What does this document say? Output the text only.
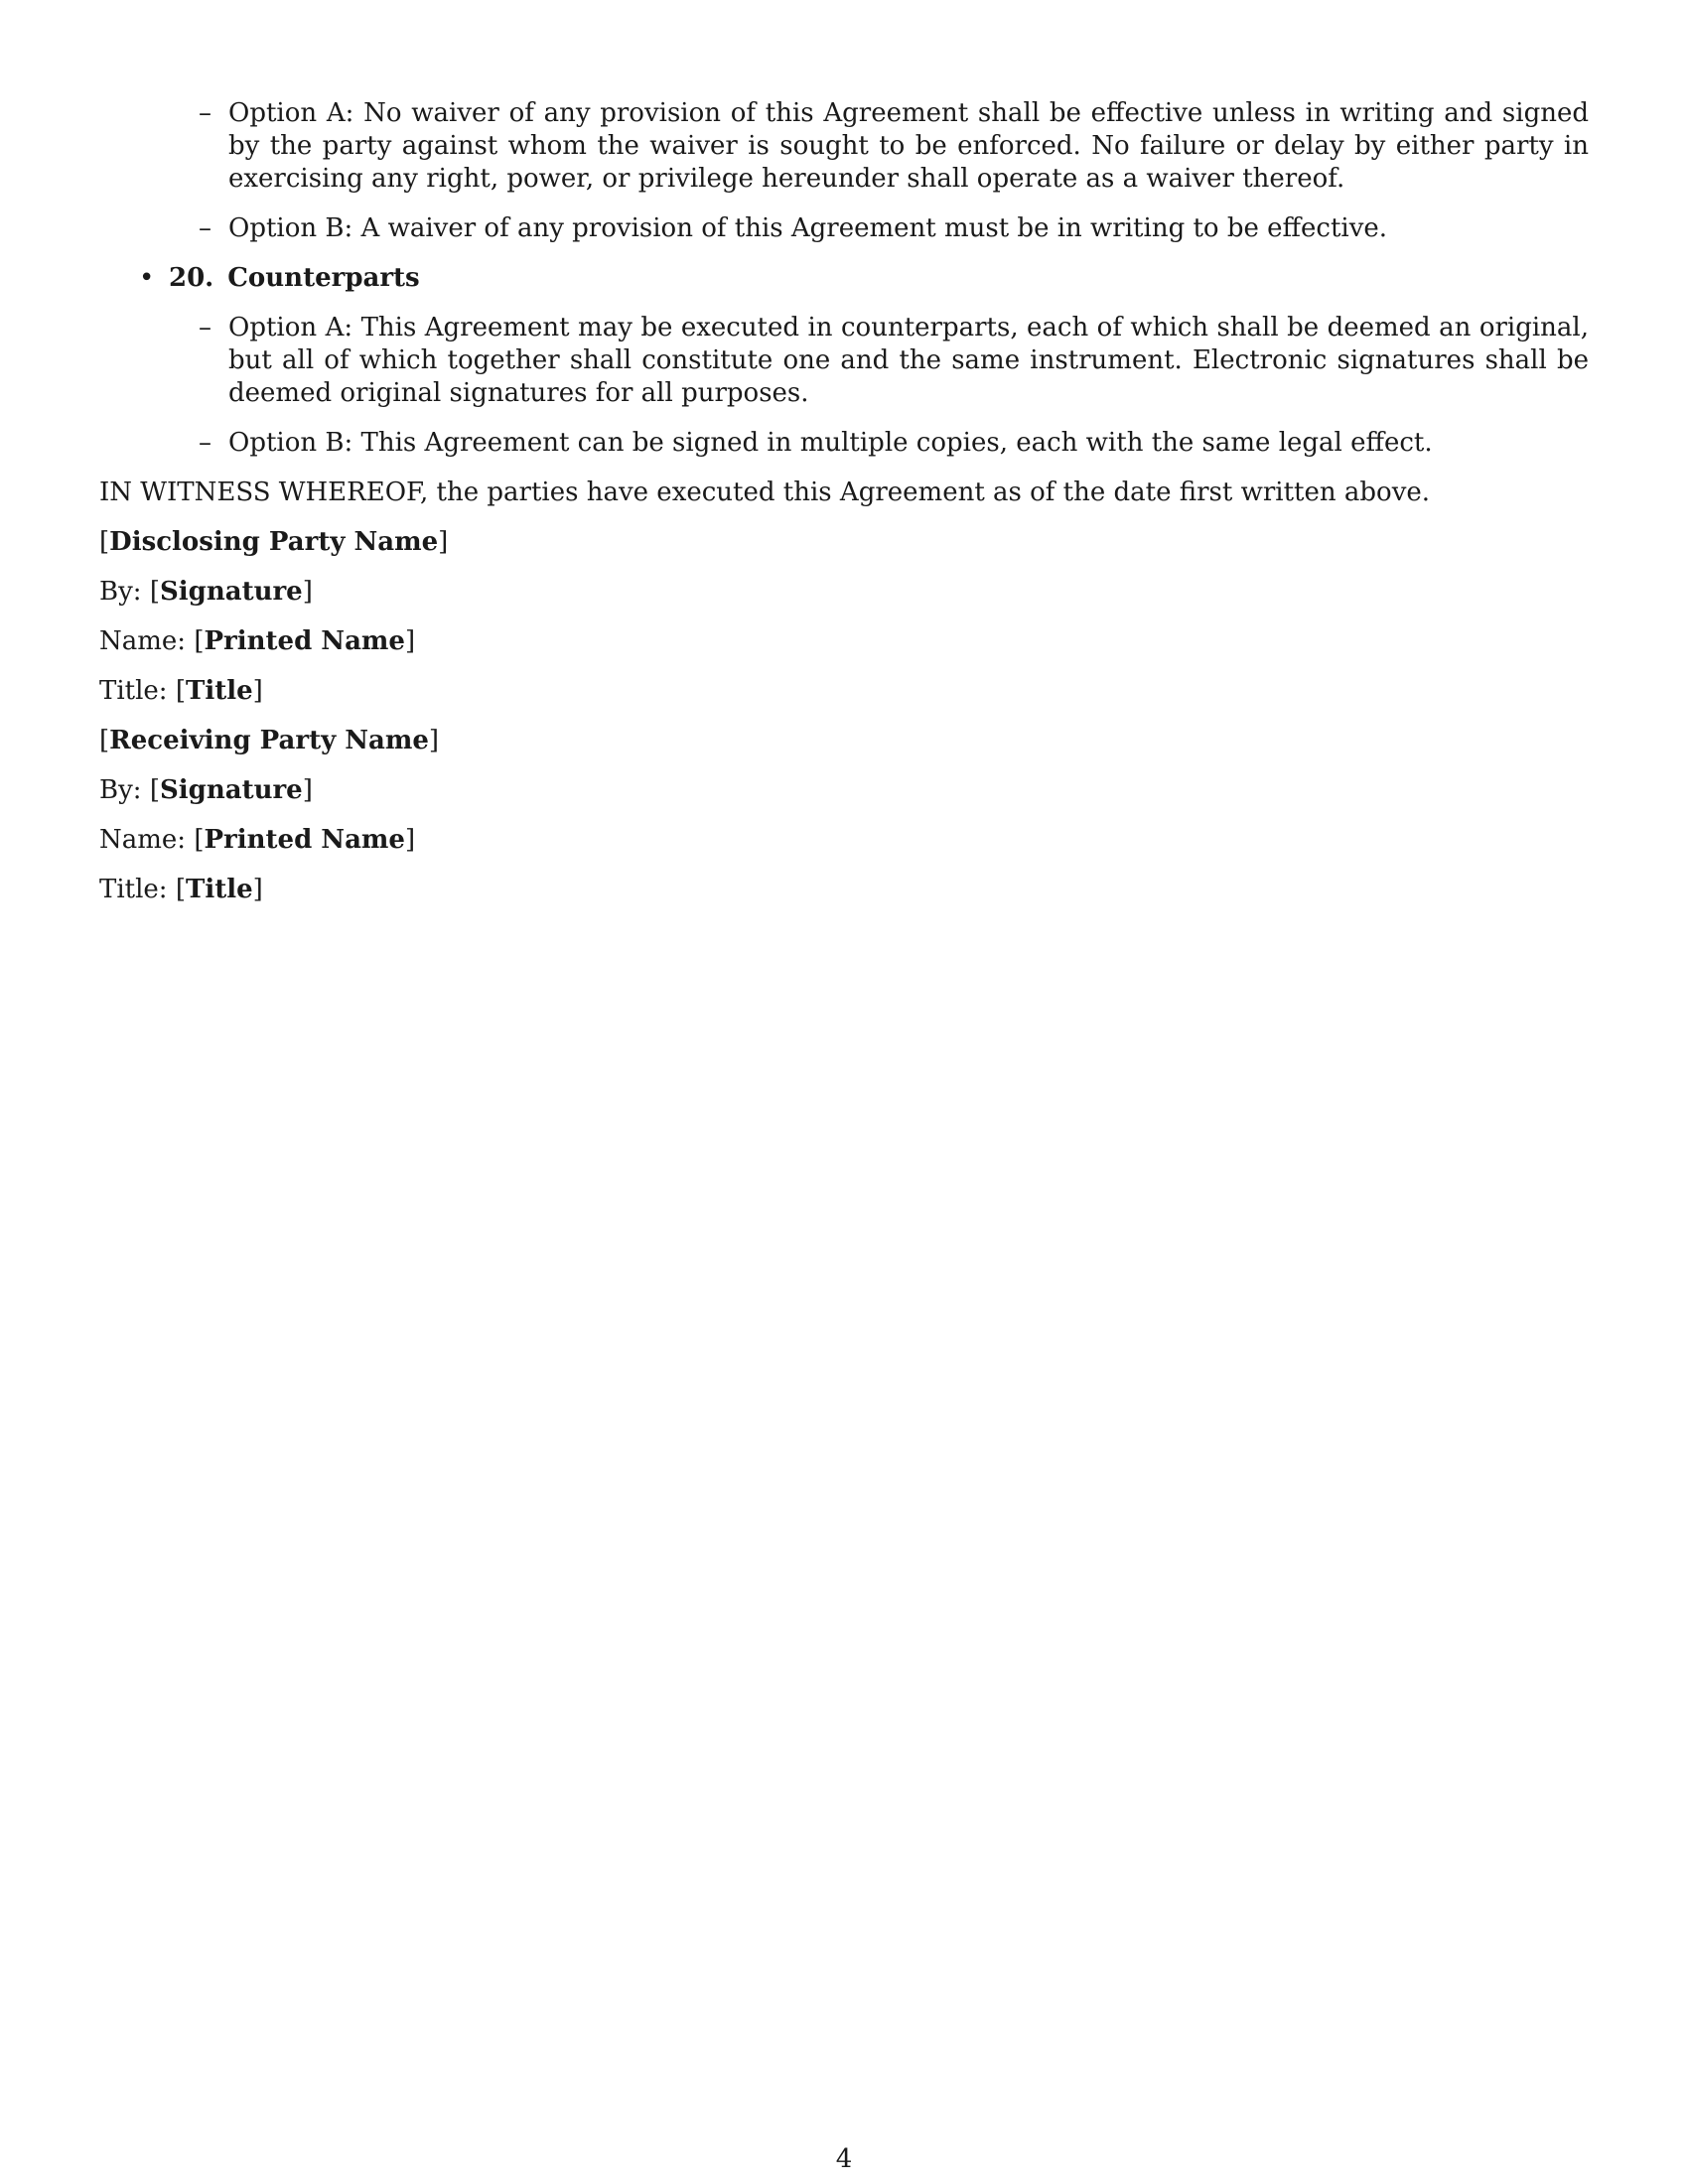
– Option A: No waiver of any provision of this Agreement shall be effective unless in writing and signed by the party against whom the waiver is sought to be enforced. No failure or delay by either party in exercising any right, power, or privilege hereunder shall operate as a waiver thereof.
– Option B: A waiver of any provision of this Agreement must be in writing to be effective.
• 20. Counterparts
– Option A: This Agreement may be executed in counterparts, each of which shall be deemed an original, but all of which together shall constitute one and the same instrument. Electronic signatures shall be deemed original signatures for all purposes.
– Option B: This Agreement can be signed in multiple copies, each with the same legal effect.

IN WITNESS WHEREOF, the parties have executed this Agreement as of the date first written above.

[Disclosing Party Name]

By: [Signature]

Name: [Printed Name]

Title: [Title]

[Receiving Party Name]

By: [Signature]

Name: [Printed Name]

Title: [Title]

4
